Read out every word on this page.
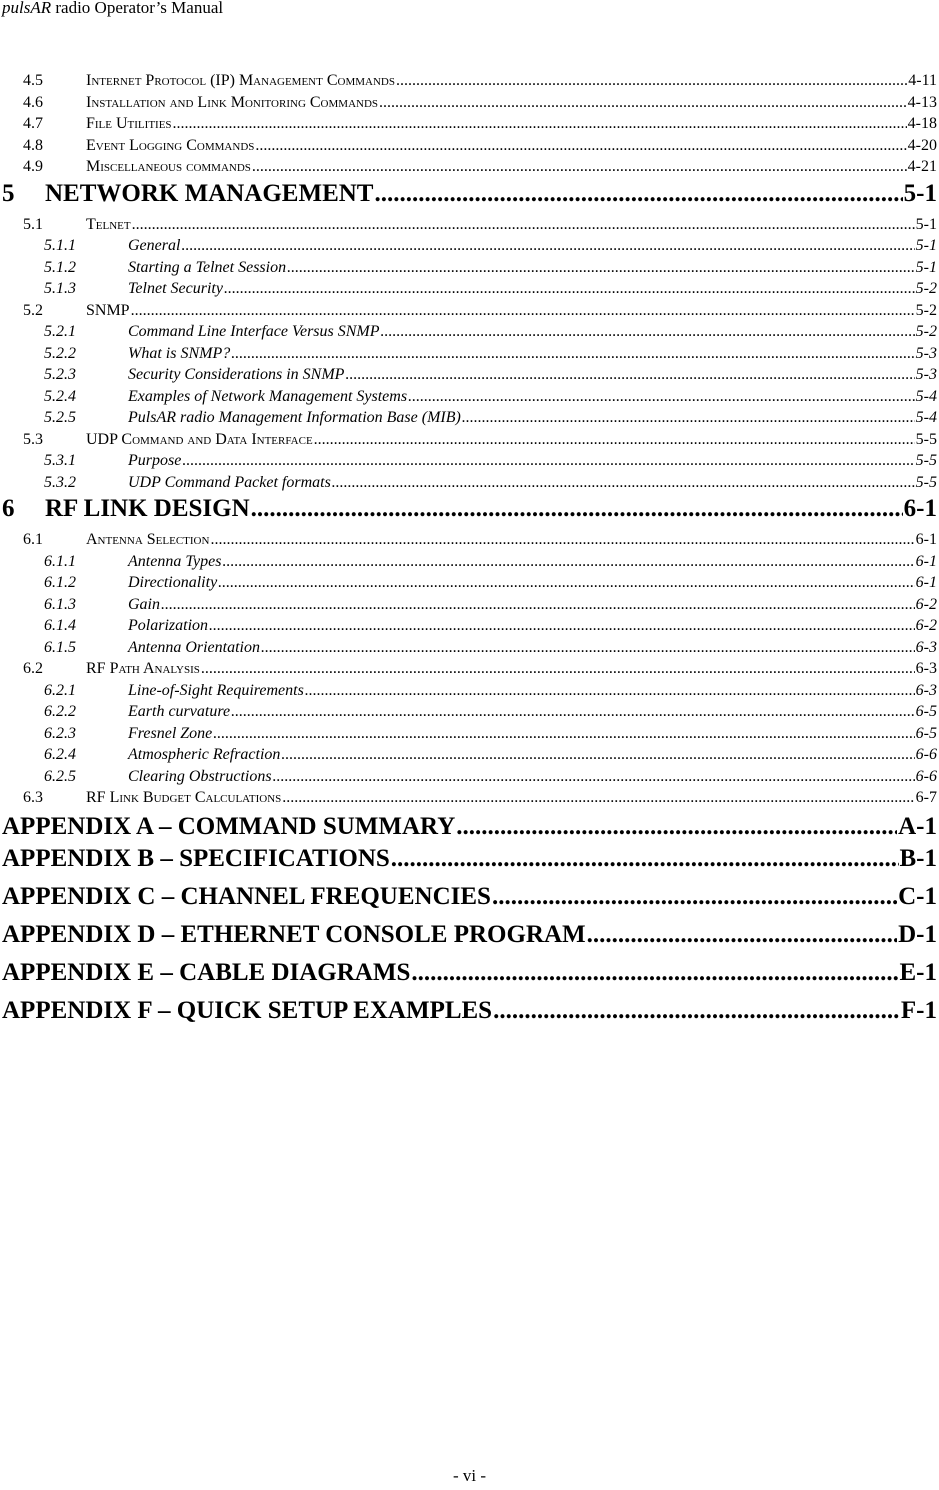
pulsAR radio Operator’s Manual
4.5	Internet Protocol (IP) Management Commands .....	4-11
4.6	Installation and Link Monitoring Commands .....	4-13
4.7	File Utilities .....	4-18
4.8	Event Logging Commands .....	4-20
4.9	Miscellaneous commands .....	4-21
5	NETWORK MANAGEMENT .....	5-1
5.1	Telnet .....	5-1
5.1.1	General .....	5-1
5.1.2	Starting a Telnet Session .....	5-1
5.1.3	Telnet Security .....	5-2
5.2	SNMP .....	5-2
5.2.1	Command Line Interface Versus SNMP .....	5-2
5.2.2	What is SNMP? .....	5-3
5.2.3	Security Considerations in SNMP .....	5-3
5.2.4	Examples of Network Management Systems .....	5-4
5.2.5	PulsAR radio Management Information Base (MIB) .....	5-4
5.3	UDP Command and Data Interface .....	5-5
5.3.1	Purpose .....	5-5
5.3.2	UDP Command Packet formats .....	5-5
6	RF LINK DESIGN .....	6-1
6.1	Antenna Selection .....	6-1
6.1.1	Antenna Types .....	6-1
6.1.2	Directionality .....	6-1
6.1.3	Gain .....	6-2
6.1.4	Polarization .....	6-2
6.1.5	Antenna Orientation .....	6-3
6.2	RF Path Analysis .....	6-3
6.2.1	Line-of-Sight Requirements .....	6-3
6.2.2	Earth curvature .....	6-5
6.2.3	Fresnel Zone .....	6-5
6.2.4	Atmospheric Refraction .....	6-6
6.2.5	Clearing Obstructions .....	6-6
6.3	RF Link Budget Calculations .....	6-7
APPENDIX A – COMMAND SUMMARY .....	A-1
APPENDIX B – SPECIFICATIONS .....	B-1
APPENDIX C – CHANNEL FREQUENCIES .....	C-1
APPENDIX D – ETHERNET CONSOLE PROGRAM .....	D-1
APPENDIX E – CABLE DIAGRAMS .....	E-1
APPENDIX F – QUICK SETUP EXAMPLES .....	F-1
- vi -
